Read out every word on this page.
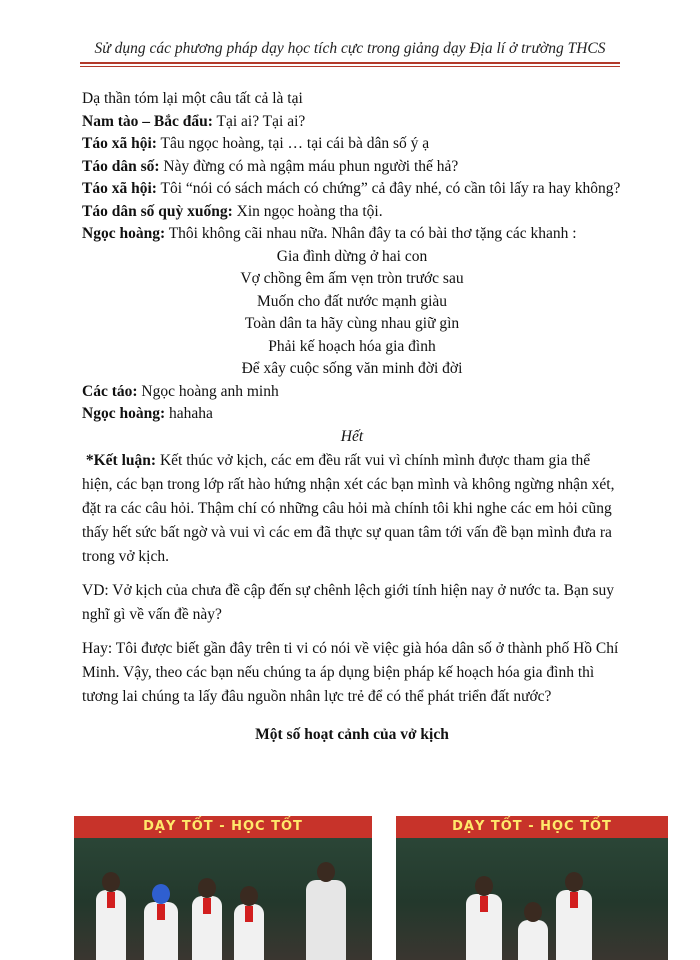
Sử dụng các phương pháp dạy học tích cực trong giảng dạy Địa lí ở trường THCS

Dạ thần tóm lại một câu tất cả là tại

Nam tào – Bắc đẩu: Tại ai? Tại ai?

Táo xã hội: Tâu ngọc hoàng, tại … tại cái bà dân số ý ạ

Táo dân số: Này đừng có mà ngậm máu phun người thế hả?

Táo xã hội: Tôi “nói có sách mách có chứng” cả đây nhé, có cần tôi lấy ra hay không?

Táo dân số quỳ xuống: Xin ngọc hoàng tha tội.

Ngọc hoàng: Thôi không cãi nhau nữa. Nhân đây ta có bài thơ tặng các khanh :

Gia đình dừng ở hai con

Vợ chồng êm ấm vẹn tròn trước sau

Muốn cho đất nước mạnh giàu

Toàn dân ta hãy cùng nhau giữ gìn

Phải kế hoạch hóa gia đình

Để xây cuộc sống văn minh đời đời

Các táo: Ngọc hoàng anh minh

Ngọc hoàng: hahaha

Hết

*Kết luận: Kết thúc vở kịch, các em đều rất vui vì chính mình được tham gia thể hiện, các bạn trong lớp rất hào hứng nhận xét các bạn mình và không ngừng nhận xét, đặt ra các câu hỏi. Thậm chí có những câu hỏi mà chính tôi khi nghe các em hỏi cũng thấy hết sức bất ngờ và vui vì các em đã thực sự quan tâm tới vấn đề bạn mình đưa ra trong vở kịch.

VD: Vở kịch của chưa đề cập đến sự chênh lệch giới tính hiện nay ở nước ta. Bạn suy nghĩ gì về vấn đề này?

Hay: Tôi được biết gần đây trên ti vi có nói về việc già hóa dân số ở thành phố Hồ Chí Minh. Vậy, theo các bạn nếu chúng ta áp dụng biện pháp kế hoạch hóa gia đình thì tương lai chúng ta lấy đâu nguồn nhân lực trẻ để có thể phát triển đất nước?

Một số hoạt cảnh của vở kịch

DẠY TỐT - HỌC TỐT	DẠY TỐT - HỌC TỐT
